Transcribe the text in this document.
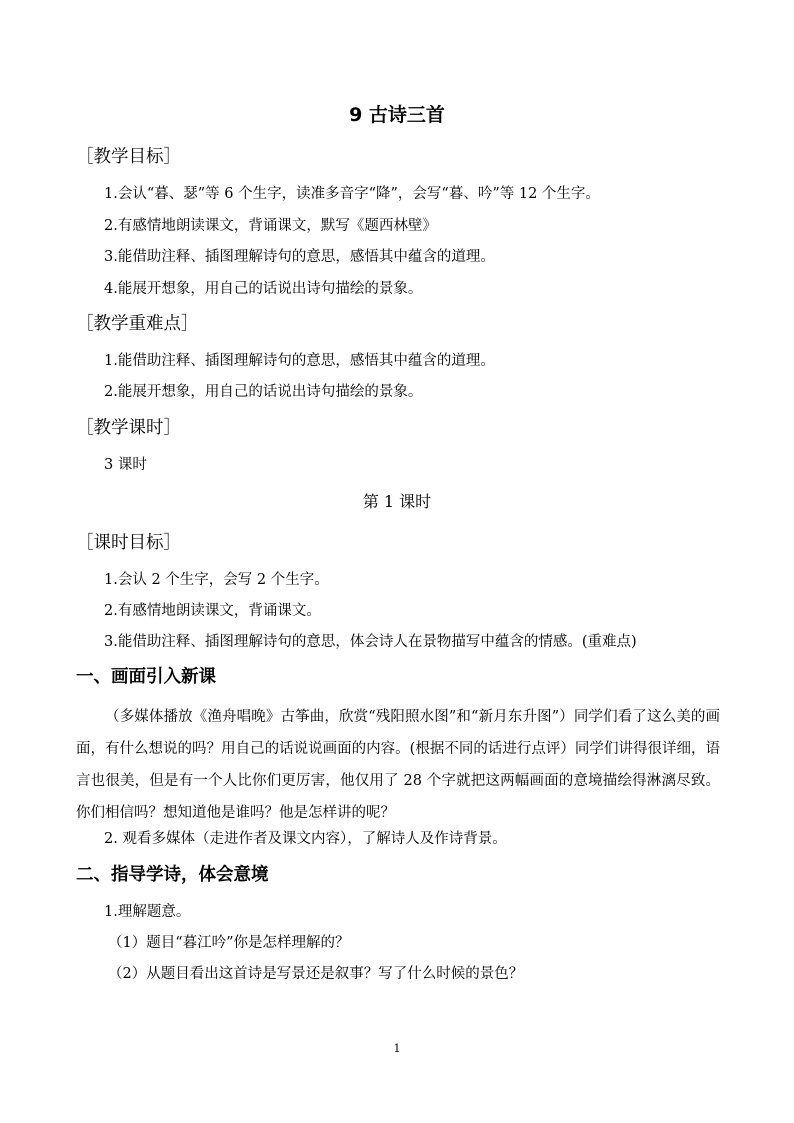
9 古诗三首
［教学目标］
1.会认“暮、瑟”等 6 个生字，读准多音字“降”，会写“暮、吟”等 12 个生字。
2.有感情地朗读课文，背诵课文，默写《题西林壁》
3.能借助注释、插图理解诗句的意思，感悟其中蕴含的道理。
4.能展开想象，用自己的话说出诗句描绘的景象。
［教学重难点］
1.能借助注释、插图理解诗句的意思，感悟其中蕴含的道理。
2.能展开想象，用自己的话说出诗句描绘的景象。
［教学课时］
3 课时
第 1 课时
［课时目标］
1.会认 2 个生字，会写 2 个生字。
2.有感情地朗读课文，背诵课文。
3.能借助注释、插图理解诗句的意思，体会诗人在景物描写中蕴含的情感。(重难点)
一、画面引入新课
（多媒体播放《渔舟唱晚》古筝曲，欣赏“残阳照水图”和“新月东升图”）同学们看了这么美的画面，有什么想说的吗？用自己的话说说画面的内容。(根据不同的话进行点评）同学们讲得很详细，语言也很美，但是有一个人比你们更厉害，他仅用了 28 个字就把这两幅画面的意境描绘得淋漓尽致。你们相信吗？想知道他是谁吗？他是怎样讲的呢？
2. 观看多媒体（走进作者及课文内容），了解诗人及作诗背景。
二、指导学诗，体会意境
1.理解题意。
（1）题目“暮江吟”你是怎样理解的？
（2）从题目看出这首诗是写景还是叙事？写了什么时候的景色？
1
